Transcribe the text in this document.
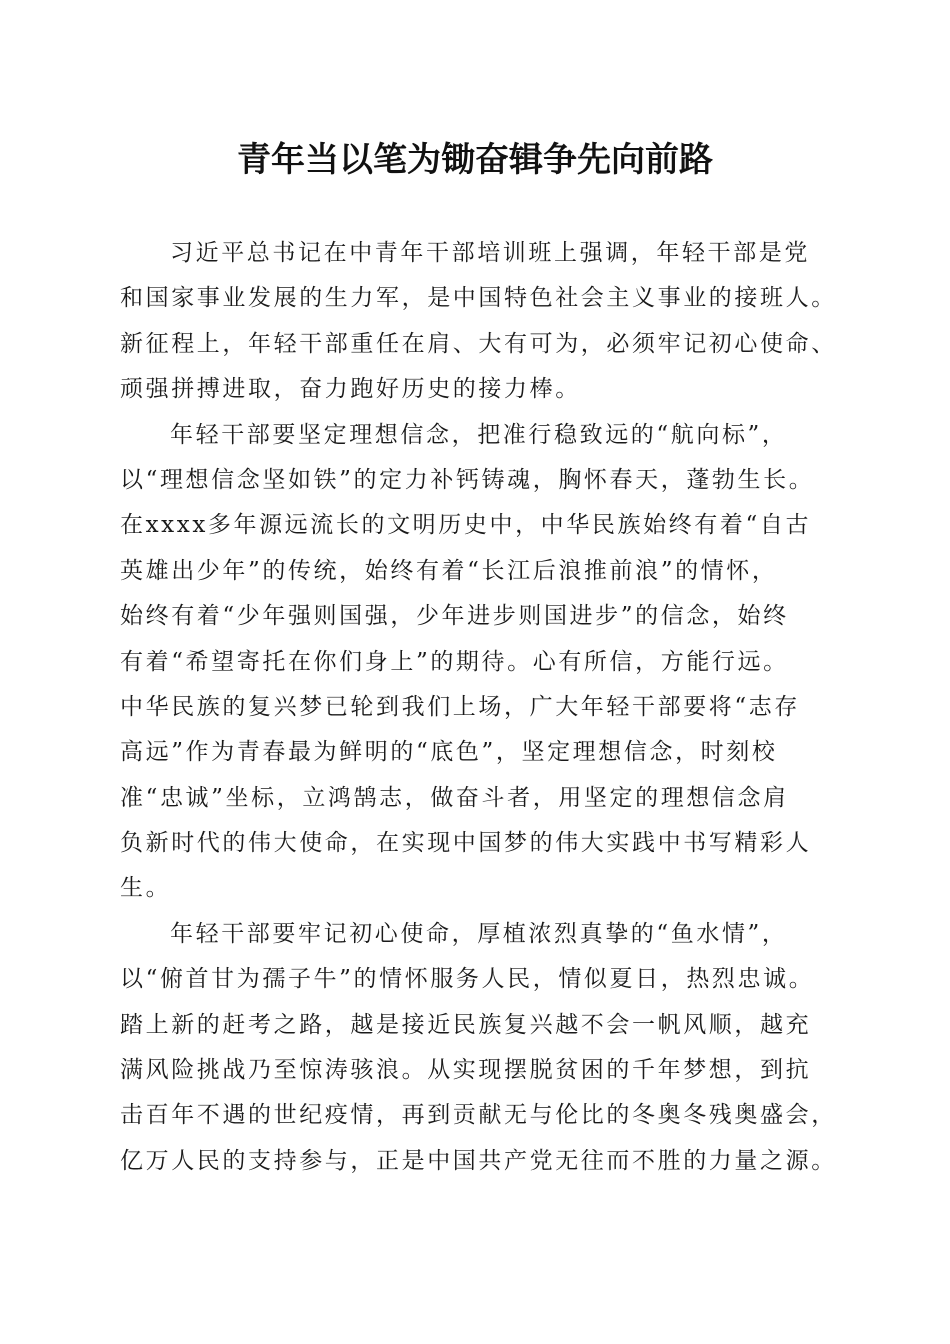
青年当以笔为锄奋辑争先向前路
习近平总书记在中青年干部培训班上强调，年轻干部是党
和国家事业发展的生力军，是中国特色社会主义事业的接班人。
新征程上，年轻干部重任在肩、大有可为，必须牢记初心使命、
顽强拼搏进取，奋力跑好历史的接力棒。
年轻干部要坚定理想信念，把准行稳致远的“航向标”，
以“理想信念坚如铁”的定力补钙铸魂，胸怀春天，蓬勃生长。
在xxxx多年源远流长的文明历史中，中华民族始终有着“自古
英雄出少年”的传统，始终有着“长江后浪推前浪”的情怀，
始终有着“少年强则国强，少年进步则国进步”的信念，始终
有着“希望寄托在你们身上”的期待。心有所信，方能行远。
中华民族的复兴梦已轮到我们上场，广大年轻干部要将“志存
高远”作为青春最为鲜明的“底色”，坚定理想信念，时刻校
准“忠诚”坐标，立鸿鹄志，做奋斗者，用坚定的理想信念肩
负新时代的伟大使命，在实现中国梦的伟大实践中书写精彩人
生。
年轻干部要牢记初心使命，厚植浓烈真挚的“鱼水情”，
以“俯首甘为孺子牛”的情怀服务人民，情似夏日，热烈忠诚。
踏上新的赶考之路，越是接近民族复兴越不会一帆风顺，越充
满风险挑战乃至惊涛骇浪。从实现摆脱贫困的千年梦想，到抗
击百年不遇的世纪疫情，再到贡献无与伦比的冬奥冬残奥盛会，
亿万人民的支持参与，正是中国共产党无往而不胜的力量之源。
